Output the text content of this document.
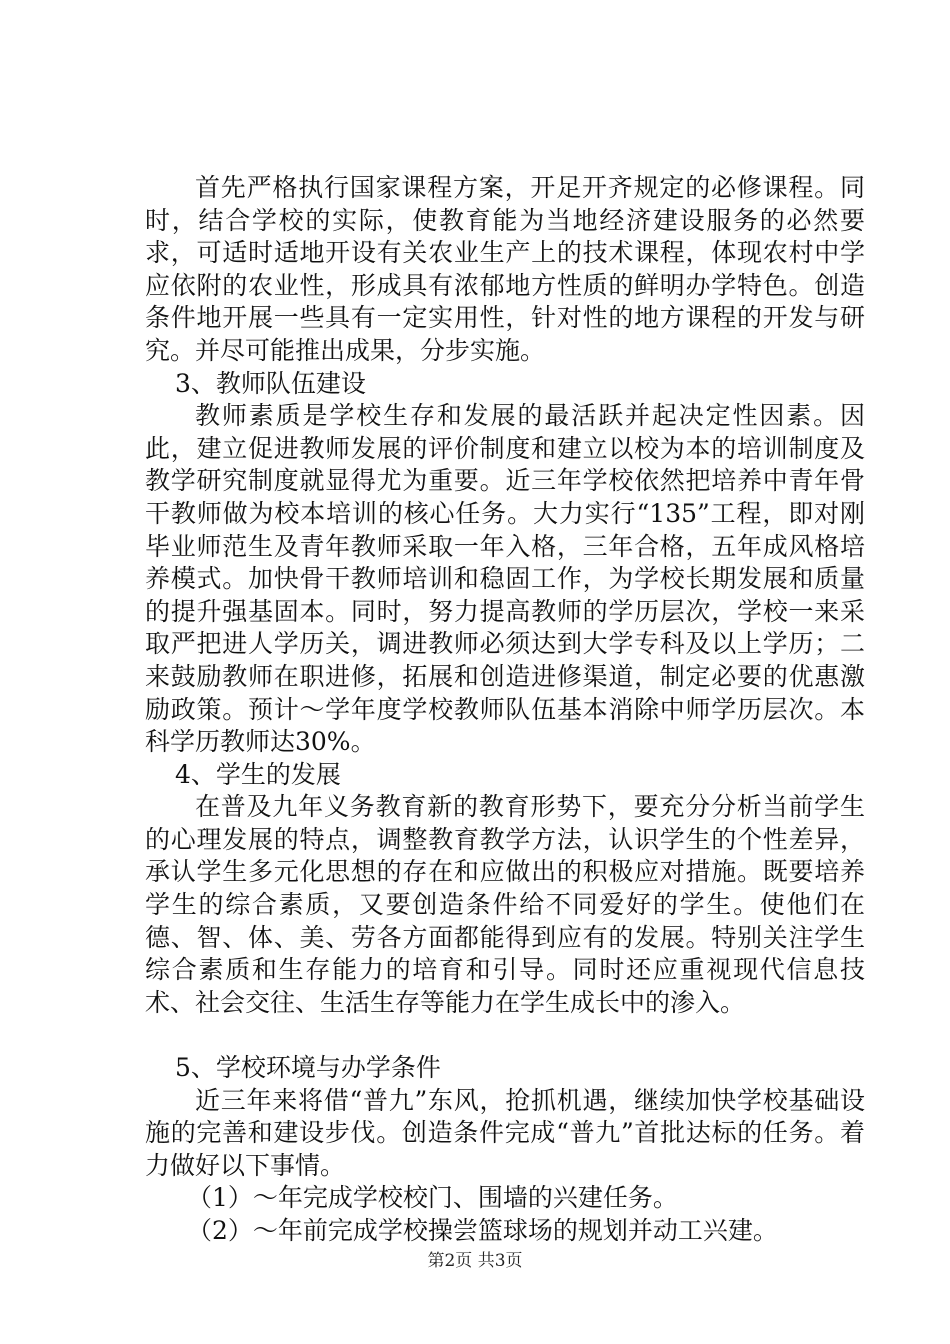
首先严格执行国家课程方案，开足开齐规定的必修课程。同时，结合学校的实际，使教育能为当地经济建设服务的必然要求，可适时适地开设有关农业生产上的技术课程，体现农村中学应依附的农业性，形成具有浓郁地方性质的鲜明办学特色。创造条件地开展一些具有一定实用性，针对性的地方课程的开发与研究。并尽可能推出成果，分步实施。

3、教师队伍建设

教师素质是学校生存和发展的最活跃并起决定性因素。因此，建立促进教师发展的评价制度和建立以校为本的培训制度及教学研究制度就显得尤为重要。近三年学校依然把培养中青年骨干教师做为校本培训的核心任务。大力实行“135”工程，即对刚毕业师范生及青年教师采取一年入格，三年合格，五年成风格培养模式。加快骨干教师培训和稳固工作，为学校长期发展和质量的提升强基固本。同时，努力提高教师的学历层次，学校一来采取严把进人学历关，调进教师必须达到大学专科及以上学历；二来鼓励教师在职进修，拓展和创造进修渠道，制定必要的优惠激励政策。预计～学年度学校教师队伍基本消除中师学历层次。本科学历教师达30%。

4、学生的发展

在普及九年义务教育新的教育形势下，要充分分析当前学生的心理发展的特点，调整教育教学方法，认识学生的个性差异，承认学生多元化思想的存在和应做出的积极应对措施。既要培养学生的综合素质，又要创造条件给不同爱好的学生。使他们在德、智、体、美、劳各方面都能得到应有的发展。特别关注学生综合素质和生存能力的培育和引导。同时还应重视现代信息技术、社会交往、生活生存等能力在学生成长中的渗入。

5、学校环境与办学条件

近三年来将借“普九”东风，抢抓机遇，继续加快学校基础设施的完善和建设步伐。创造条件完成“普九”首批达标的任务。着力做好以下事情。

（1）～年完成学校校门、围墙的兴建任务。

（2）～年前完成学校操尝篮球场的规划并动工兴建。

第2页 共3页
